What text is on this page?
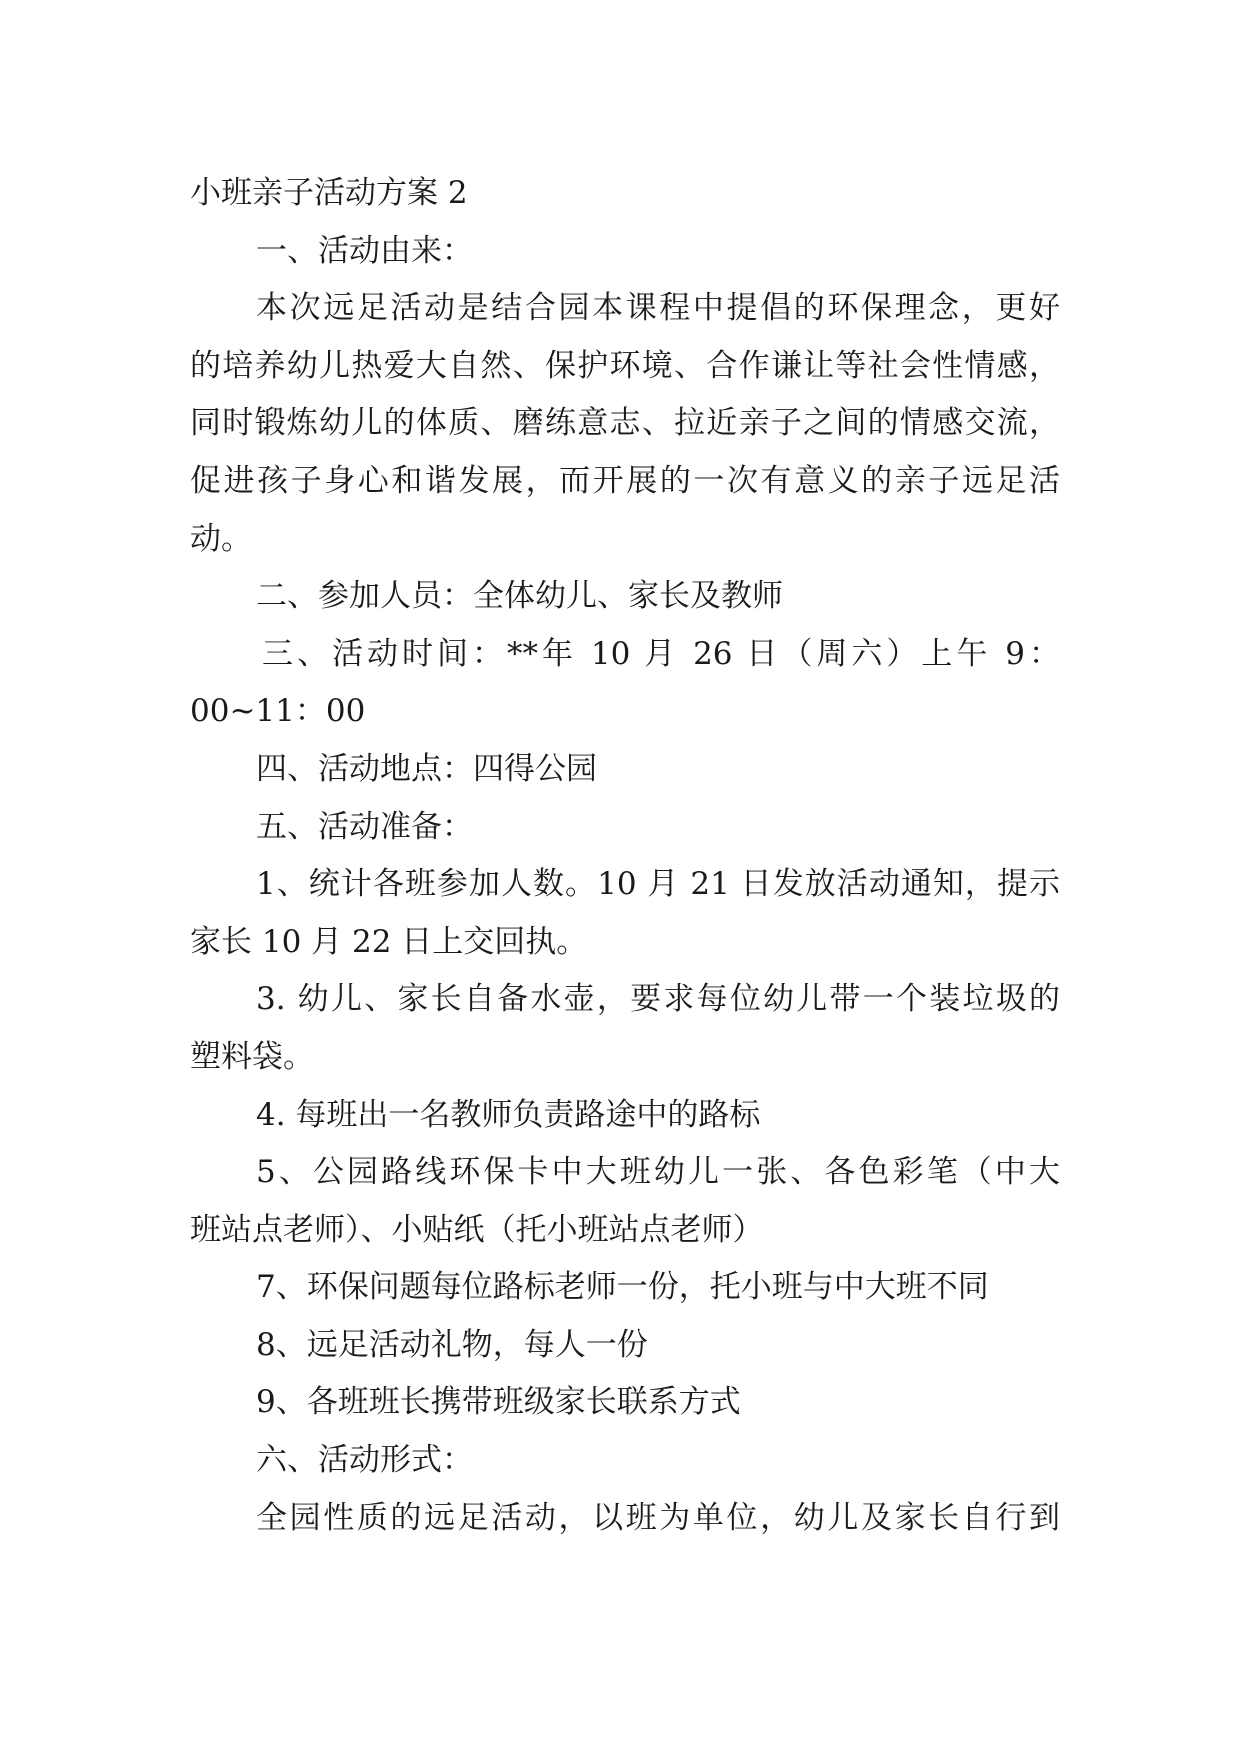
小班亲子活动方案 2
一、活动由来：
本次远足活动是结合园本课程中提倡的环保理念，更好
的培养幼儿热爱大自然、保护环境、合作谦让等社会性情感，
同时锻炼幼儿的体质、磨练意志、拉近亲子之间的情感交流，
促进孩子身心和谐发展，而开展的一次有意义的亲子远足活
动。
二、参加人员：全体幼儿、家长及教师
三、活动时间：**年 10 月 26 日（周六）上午 9：
00~11：00
四、活动地点：四得公园
五、活动准备：
1、统计各班参加人数。10 月 21 日发放活动通知，提示
家长 10 月 22 日上交回执。
3. 幼儿、家长自备水壶，要求每位幼儿带一个装垃圾的
塑料袋。
4. 每班出一名教师负责路途中的路标
5、公园路线环保卡中大班幼儿一张、各色彩笔（中大
班站点老师）、小贴纸（托小班站点老师）
7、环保问题每位路标老师一份，托小班与中大班不同
8、远足活动礼物，每人一份
9、各班班长携带班级家长联系方式
六、活动形式：
全园性质的远足活动，以班为单位，幼儿及家长自行到
